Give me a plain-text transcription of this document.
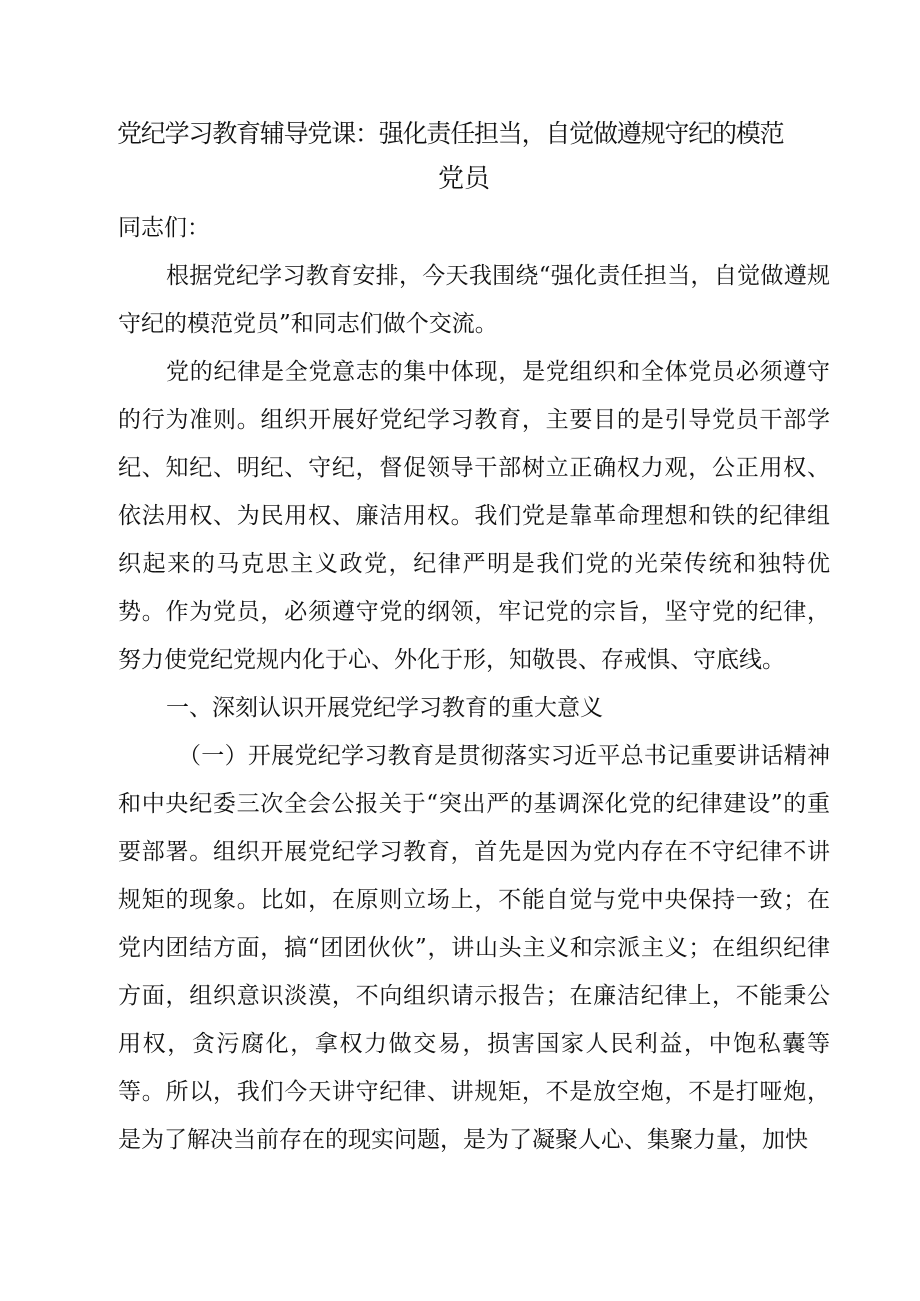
党纪学习教育辅导党课：强化责任担当，自觉做遵规守纪的模范
党员

同志们：

根据党纪学习教育安排，今天我围绕“强化责任担当，自觉做遵规守纪的模范党员”和同志们做个交流。

党的纪律是全党意志的集中体现，是党组织和全体党员必须遵守的行为准则。组织开展好党纪学习教育，主要目的是引导党员干部学纪、知纪、明纪、守纪，督促领导干部树立正确权力观，公正用权、依法用权、为民用权、廉洁用权。我们党是靠革命理想和铁的纪律组织起来的马克思主义政党，纪律严明是我们党的光荣传统和独特优势。作为党员，必须遵守党的纲领，牢记党的宗旨，坚守党的纪律，努力使党纪党规内化于心、外化于形，知敬畏、存戒惧、守底线。

一、深刻认识开展党纪学习教育的重大意义

（一）开展党纪学习教育是贯彻落实习近平总书记重要讲话精神和中央纪委三次全会公报关于“突出严的基调深化党的纪律建设”的重要部署。组织开展党纪学习教育，首先是因为党内存在不守纪律不讲规矩的现象。比如，在原则立场上，不能自觉与党中央保持一致；在党内团结方面，搞“团团伙伙”，讲山头主义和宗派主义；在组织纪律方面，组织意识淡漠，不向组织请示报告；在廉洁纪律上，不能秉公用权，贪污腐化，拿权力做交易，损害国家人民利益，中饱私囊等等。所以，我们今天讲守纪律、讲规矩，不是放空炮，不是打哑炮，是为了解决当前存在的现实问题，是为了凝聚人心、集聚力量，加快
